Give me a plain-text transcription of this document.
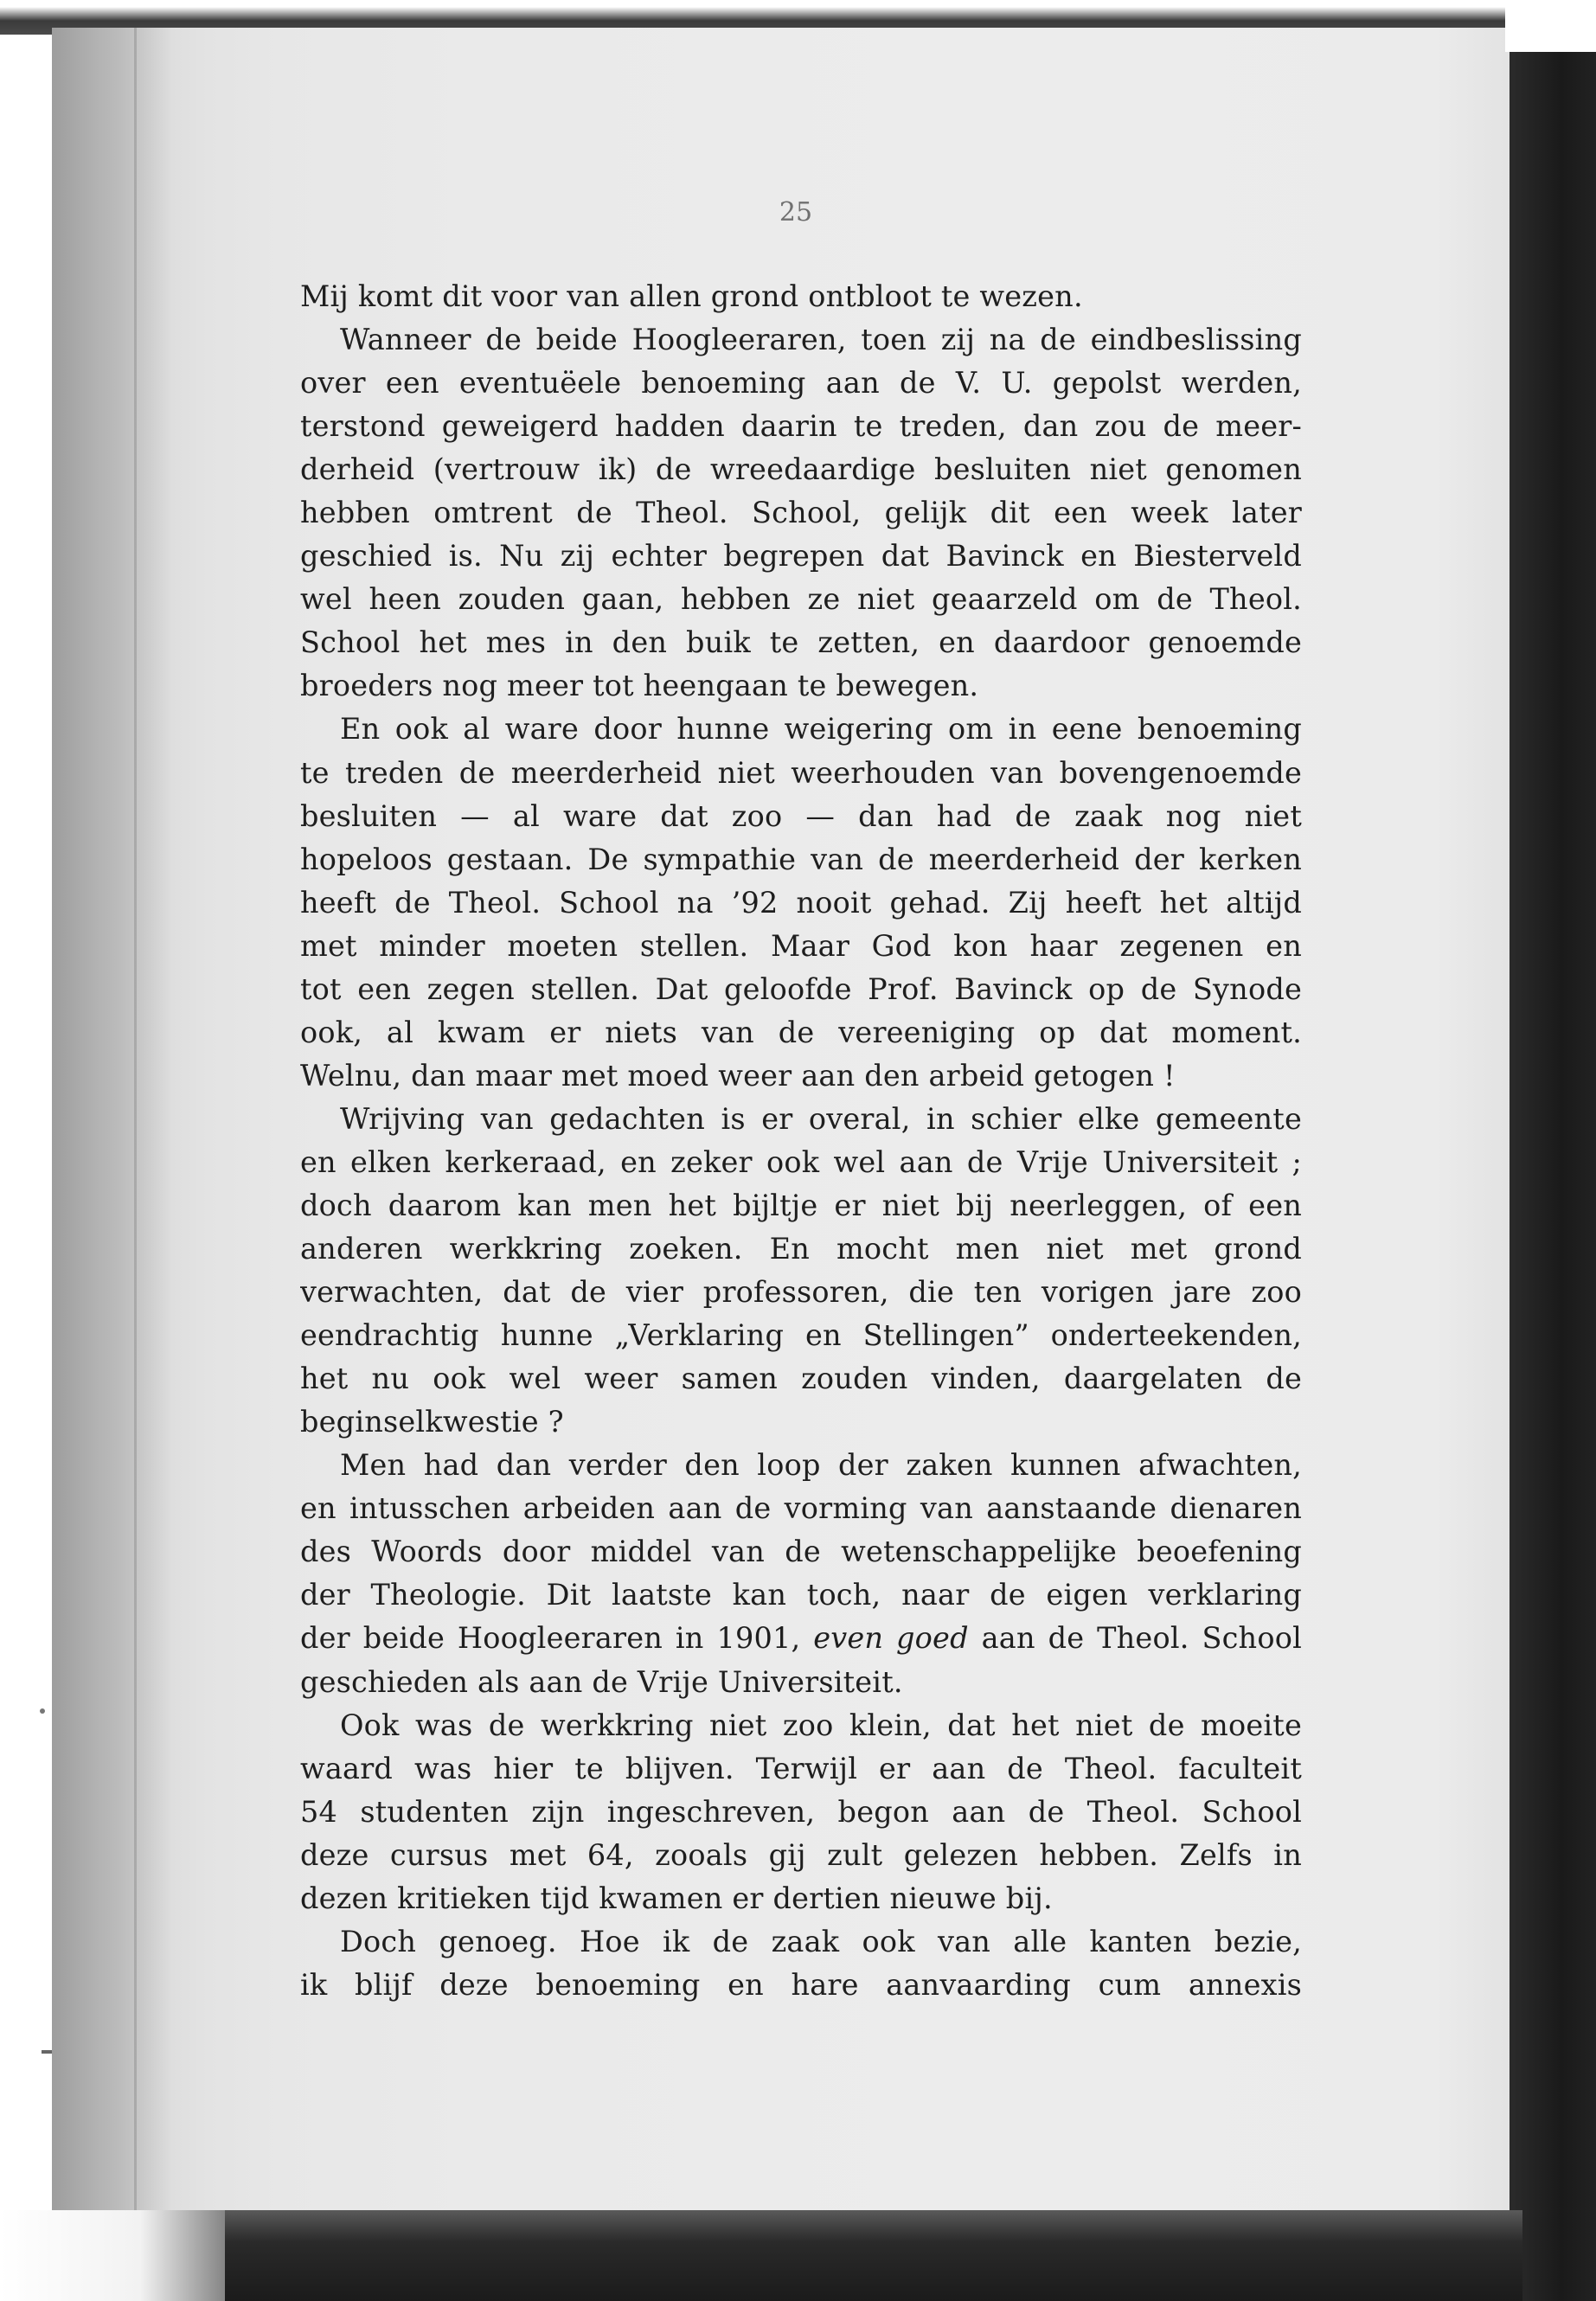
25
Mij komt dit voor van allen grond ontbloot te wezen.
Wanneer de beide Hoogleeraren, toen zij na de eindbeslissing
over een eventuëele benoeming aan de V. U. gepolst werden,
terstond geweigerd hadden daarin te treden, dan zou de meer-
derheid (vertrouw ik) de wreedaardige besluiten niet genomen
hebben omtrent de Theol. School, gelijk dit een week later
geschied is. Nu zij echter begrepen dat Bavinck en Biesterveld
wel heen zouden gaan, hebben ze niet geaarzeld om de Theol.
School het mes in den buik te zetten, en daardoor genoemde
broeders nog meer tot heengaan te bewegen.
En ook al ware door hunne weigering om in eene benoeming
te treden de meerderheid niet weerhouden van bovengenoemde
besluiten — al ware dat zoo — dan had de zaak nog niet
hopeloos gestaan. De sympathie van de meerderheid der kerken
heeft de Theol. School na ’92 nooit gehad. Zij heeft het altijd
met minder moeten stellen. Maar God kon haar zegenen en
tot een zegen stellen. Dat geloofde Prof. Bavinck op de Synode
ook, al kwam er niets van de vereeniging op dat moment.
Welnu, dan maar met moed weer aan den arbeid getogen !
Wrijving van gedachten is er overal, in schier elke gemeente
en elken kerkeraad, en zeker ook wel aan de Vrije Universiteit ;
doch daarom kan men het bijltje er niet bij neerleggen, of een
anderen werkkring zoeken. En mocht men niet met grond
verwachten, dat de vier professoren, die ten vorigen jare zoo
eendrachtig hunne „Verklaring en Stellingen” onderteekenden,
het nu ook wel weer samen zouden vinden, daargelaten de
beginselkwestie ?
Men had dan verder den loop der zaken kunnen afwachten,
en intusschen arbeiden aan de vorming van aanstaande dienaren
des Woords door middel van de wetenschappelijke beoefening
der Theologie. Dit laatste kan toch, naar de eigen verklaring
der beide Hoogleeraren in 1901, even goed aan de Theol. School
geschieden als aan de Vrije Universiteit.
Ook was de werkkring niet zoo klein, dat het niet de moeite
waard was hier te blijven. Terwijl er aan de Theol. faculteit
54 studenten zijn ingeschreven, begon aan de Theol. School
deze cursus met 64, zooals gij zult gelezen hebben. Zelfs in
dezen kritieken tijd kwamen er dertien nieuwe bij.
Doch genoeg. Hoe ik de zaak ook van alle kanten bezie,
ik blijf deze benoeming en hare aanvaarding cum annexis
